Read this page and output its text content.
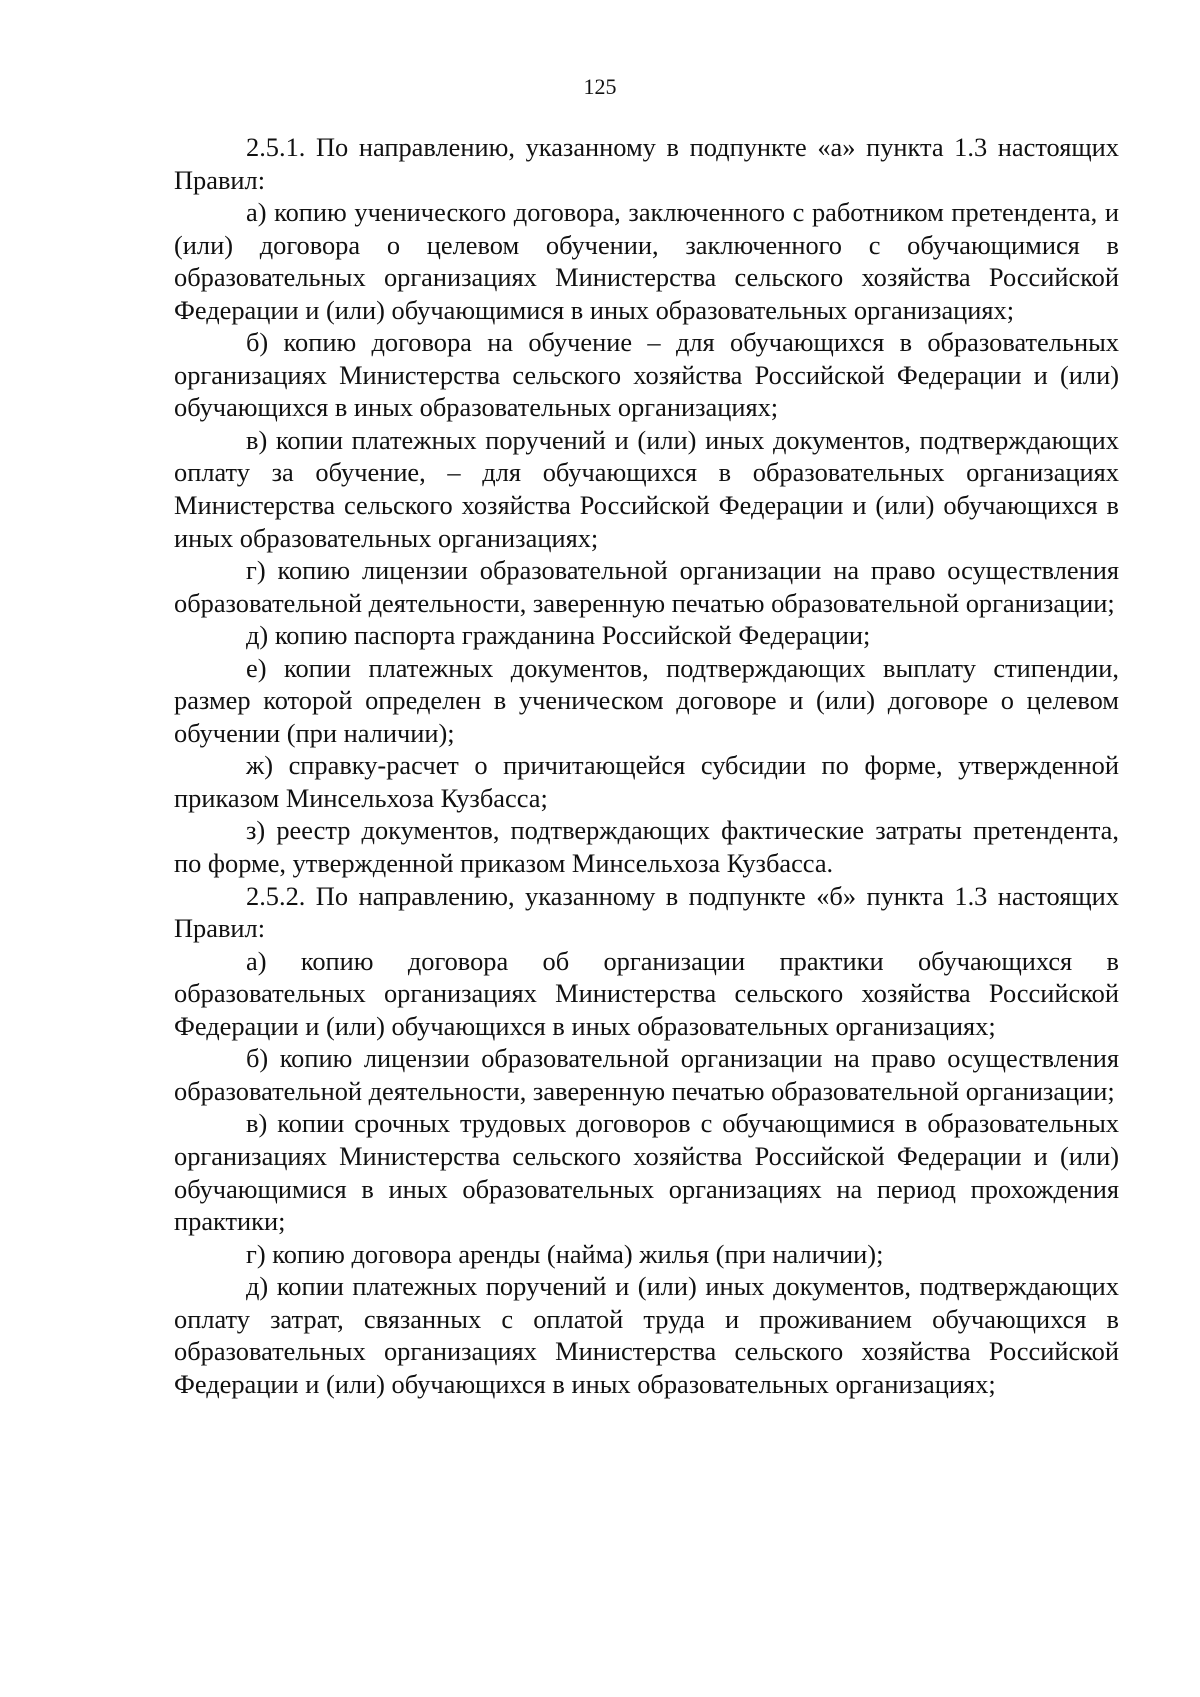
125

2.5.1. По направлению, указанному в подпункте «а» пункта 1.3 настоящих Правил:

а) копию ученического договора, заключенного с работником претендента, и (или) договора о целевом обучении, заключенного с обучающимися в образовательных организациях Министерства сельского хозяйства Российской Федерации и (или) обучающимися в иных образовательных организациях;

б) копию договора на обучение – для обучающихся в образовательных организациях Министерства сельского хозяйства Российской Федерации и (или) обучающихся в иных образовательных организациях;

в) копии платежных поручений и (или) иных документов, подтверждающих оплату за обучение, – для обучающихся в образовательных организациях Министерства сельского хозяйства Российской Федерации и (или) обучающихся в иных образовательных организациях;

г) копию лицензии образовательной организации на право осуществления образовательной деятельности, заверенную печатью образовательной организации;

д) копию паспорта гражданина Российской Федерации;

е) копии платежных документов, подтверждающих выплату стипендии, размер которой определен в ученическом договоре и (или) договоре о целевом обучении (при наличии);

ж) справку-расчет о причитающейся субсидии по форме, утвержденной приказом Минсельхоза Кузбасса;

з) реестр документов, подтверждающих фактические затраты претендента, по форме, утвержденной приказом Минсельхоза Кузбасса.

2.5.2. По направлению, указанному в подпункте «б» пункта 1.3 настоящих Правил:

а) копию договора об организации практики обучающихся в образовательных организациях Министерства сельского хозяйства Российской Федерации и (или) обучающихся в иных образовательных организациях;

б) копию лицензии образовательной организации на право осуществления образовательной деятельности, заверенную печатью образовательной организации;

в) копии срочных трудовых договоров с обучающимися в образовательных организациях Министерства сельского хозяйства Российской Федерации и (или) обучающимися в иных образовательных организациях на период прохождения практики;

г) копию договора аренды (найма) жилья (при наличии);

д) копии платежных поручений и (или) иных документов, подтверждающих оплату затрат, связанных с оплатой труда и проживанием обучающихся в образовательных организациях Министерства сельского хозяйства Российской Федерации и (или) обучающихся в иных образовательных организациях;
